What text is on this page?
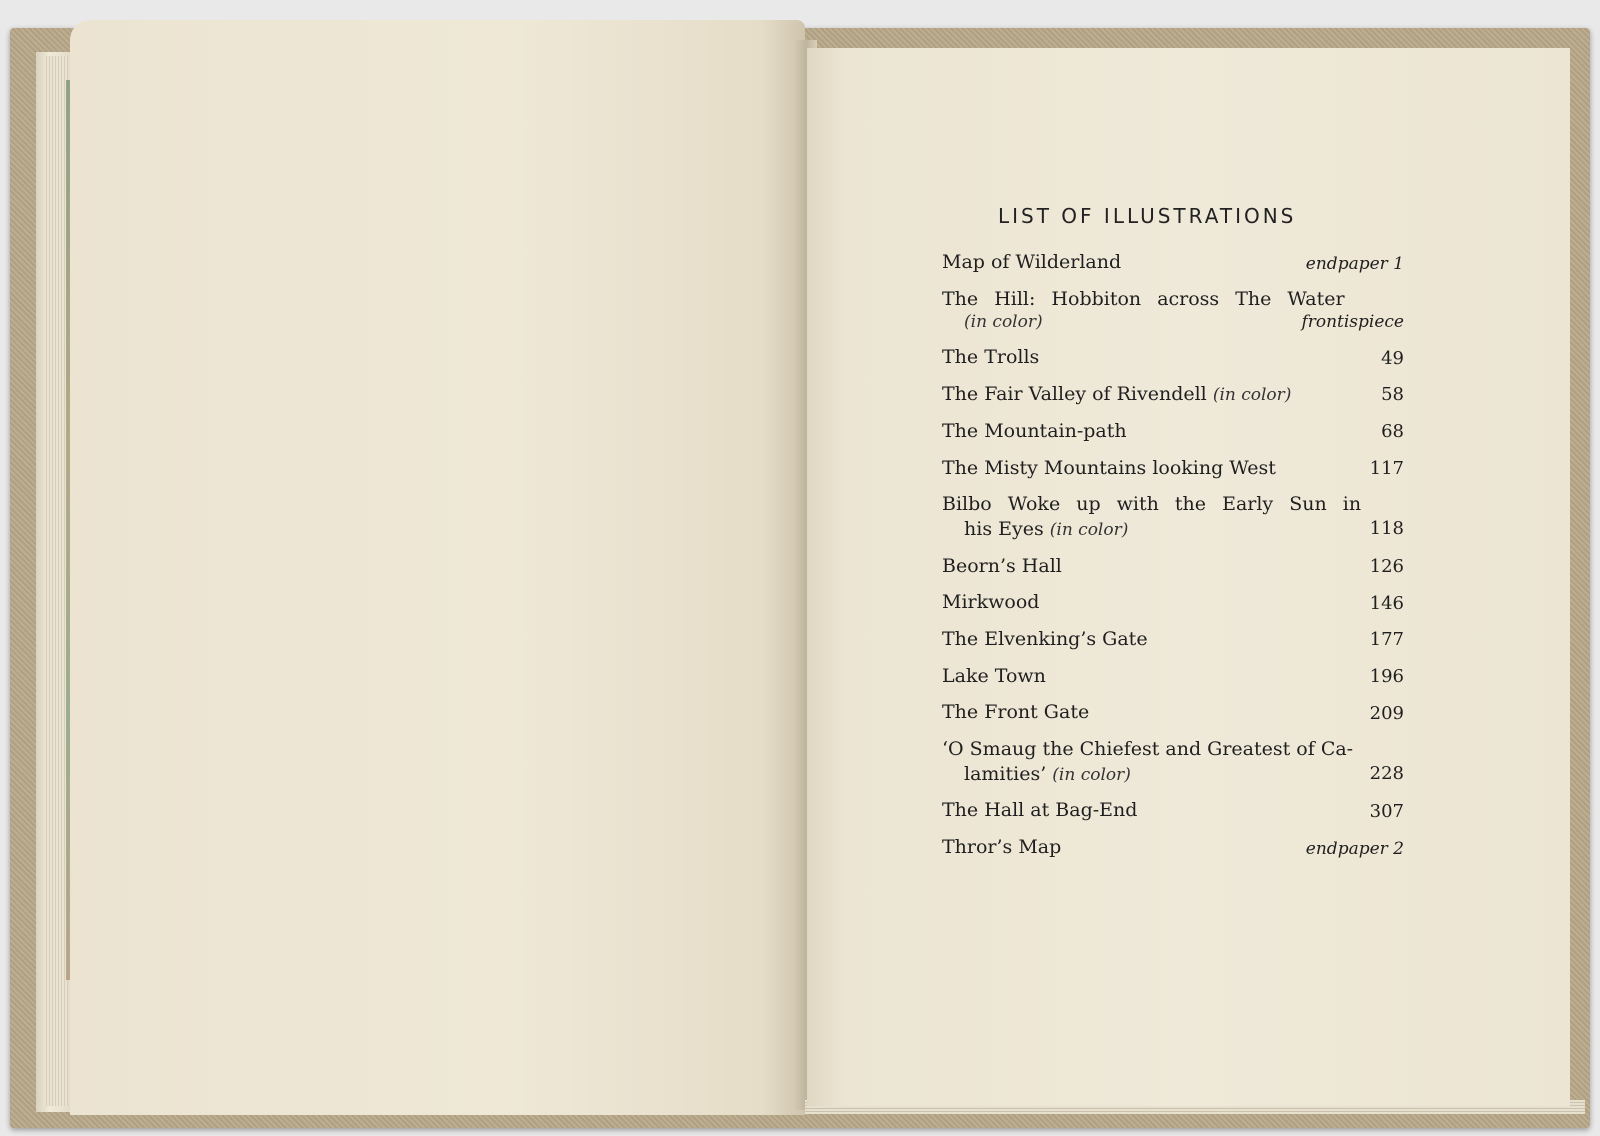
LIST OF ILLUSTRATIONS
Map of Wilderland	endpaper 1
The Hill: Hobbiton across The Water
(in color)	frontispiece
The Trolls	49
The Fair Valley of Rivendell (in color)	58
The Mountain-path	68
The Misty Mountains looking West	117
Bilbo Woke up with the Early Sun in
his Eyes (in color)	118
Beorn’s Hall	126
Mirkwood	146
The Elvenking’s Gate	177
Lake Town	196
The Front Gate	209
‘O Smaug the Chiefest and Greatest of Ca-
lamities’ (in color)	228
The Hall at Bag-End	307
Thror’s Map	endpaper 2
